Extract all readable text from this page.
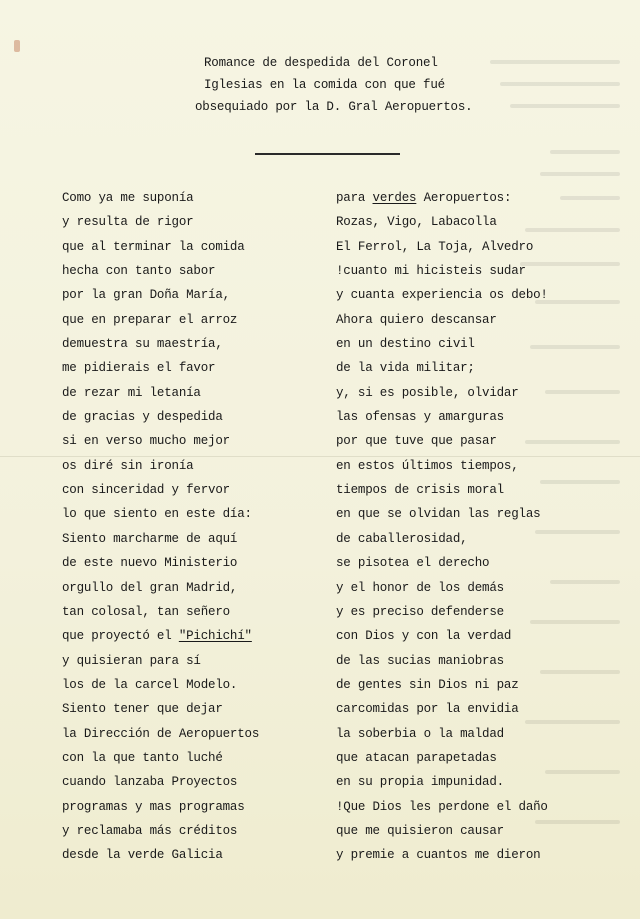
Romance de despedida del Coronel
Iglesias en la comida con que fué
obsequiado por la D. Gral Aeropuertos.
Como ya me suponía
y resulta de rigor
que al terminar la comida
hecha con tanto sabor
por la gran Doña María,
que en preparar el arroz
demuestra su maestría,
me pidierais el favor
de rezar mi letanía
de gracias y despedida
si en verso mucho mejor
os diré sin ironía
con sinceridad y fervor
lo que siento en este día:
Siento marcharme de aquí
de este nuevo Ministerio
orgullo del gran Madrid,
tan colosal, tan señero
que proyectó el "Pichichí"
y quisieran para sí
los de la carcel Modelo.
Siento tener que dejar
la Dirección de Aeropuertos
con la que tanto luché
cuando lanzaba Proyectos
programas y mas programas
y reclamaba más créditos
desde la verde Galicia
para verdes Aeropuertos:
Rozas, Vigo, Labacolla
El Ferrol, La Toja, Alvedro
!cuanto mi hicisteis sudar
y cuanta experiencia os debo!
Ahora quiero descansar
en un destino civil
de la vida militar;
y, si es posible, olvidar
las ofensas y amarguras
por que tuve que pasar
en estos últimos tiempos,
tiempos de crisis moral
en que se olvidan las reglas
de caballerosidad,
se pisotea el derecho
y el honor de los demás
y es preciso defenderse
con Dios y con la verdad
de las sucias maniobras
de gentes sin Dios ni paz
carcomidas por la envidia
la soberbia o la maldad
que atacan parapetadas
en su propia impunidad.
!Que Dios les perdone el daño
que me quisieron causar
y premie a cuantos me dieron
